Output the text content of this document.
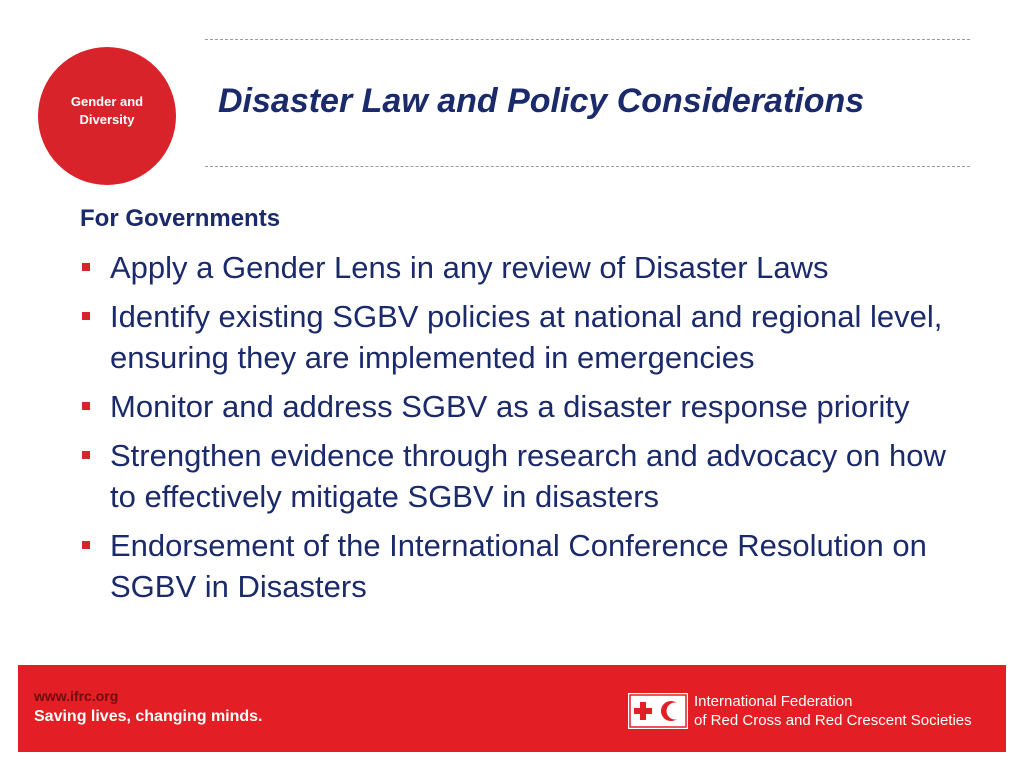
Gender and Diversity	Disaster Law and Policy Considerations
For Governments
Apply a Gender Lens in any review of Disaster Laws
Identify existing SGBV policies at national and regional level, ensuring they are implemented in emergencies
Monitor and address SGBV as a disaster response priority
Strengthen evidence through research and advocacy on how to effectively mitigate SGBV in disasters
Endorsement of the International Conference Resolution on SGBV in Disasters
www.ifrc.org
Saving lives, changing minds.
International Federation
of Red Cross and Red Crescent Societies
